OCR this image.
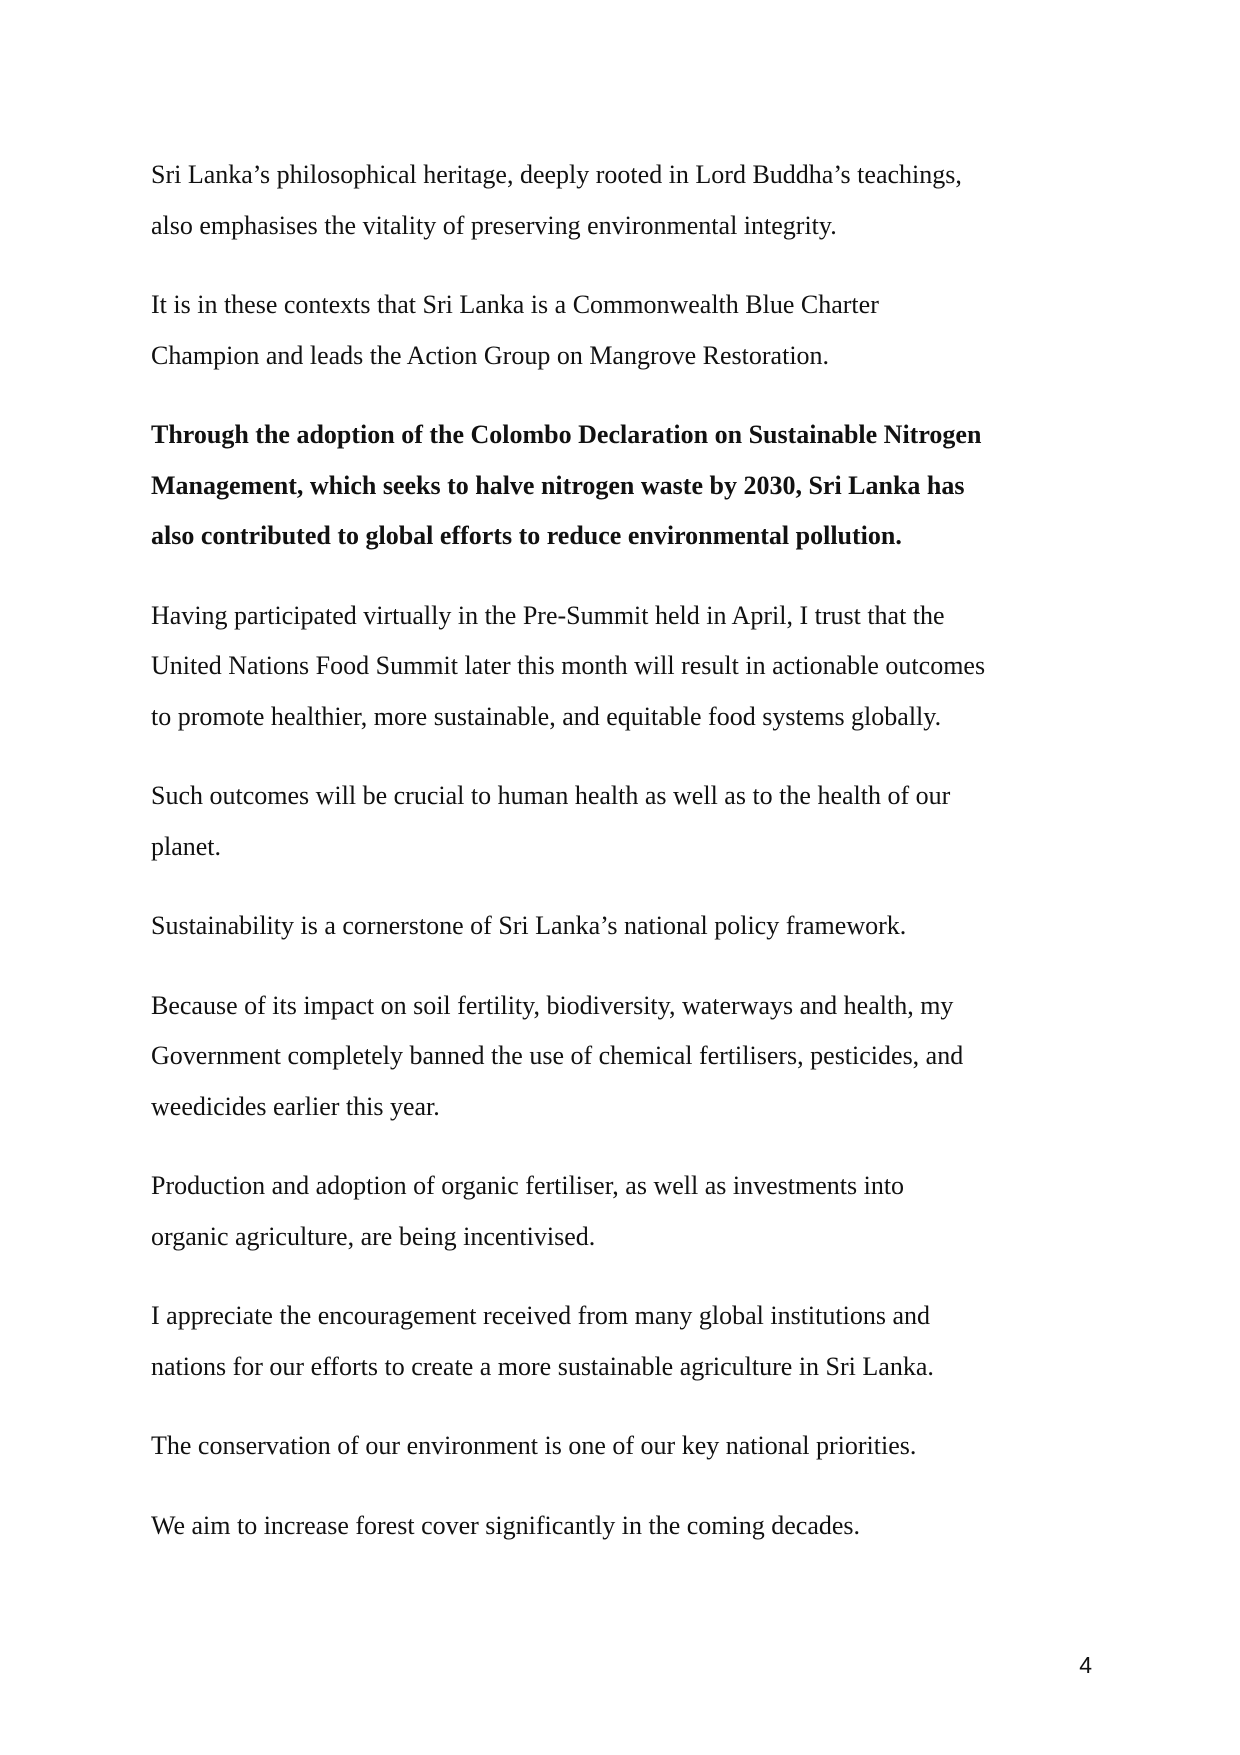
Sri Lanka’s philosophical heritage, deeply rooted in Lord Buddha’s teachings,
also emphasises the vitality of preserving environmental integrity.

It is in these contexts that Sri Lanka is a Commonwealth Blue Charter
Champion and leads the Action Group on Mangrove Restoration.

Through the adoption of the Colombo Declaration on Sustainable Nitrogen
Management, which seeks to halve nitrogen waste by 2030, Sri Lanka has
also contributed to global efforts to reduce environmental pollution.

Having participated virtually in the Pre-Summit held in April, I trust that the
United Nations Food Summit later this month will result in actionable outcomes
to promote healthier, more sustainable, and equitable food systems globally.

Such outcomes will be crucial to human health as well as to the health of our
planet.

Sustainability is a cornerstone of Sri Lanka’s national policy framework.

Because of its impact on soil fertility, biodiversity, waterways and health, my
Government completely banned the use of chemical fertilisers, pesticides, and
weedicides earlier this year.

Production and adoption of organic fertiliser, as well as investments into
organic agriculture, are being incentivised.

I appreciate the encouragement received from many global institutions and
nations for our efforts to create a more sustainable agriculture in Sri Lanka.

The conservation of our environment is one of our key national priorities.

We aim to increase forest cover significantly in the coming decades.

4
